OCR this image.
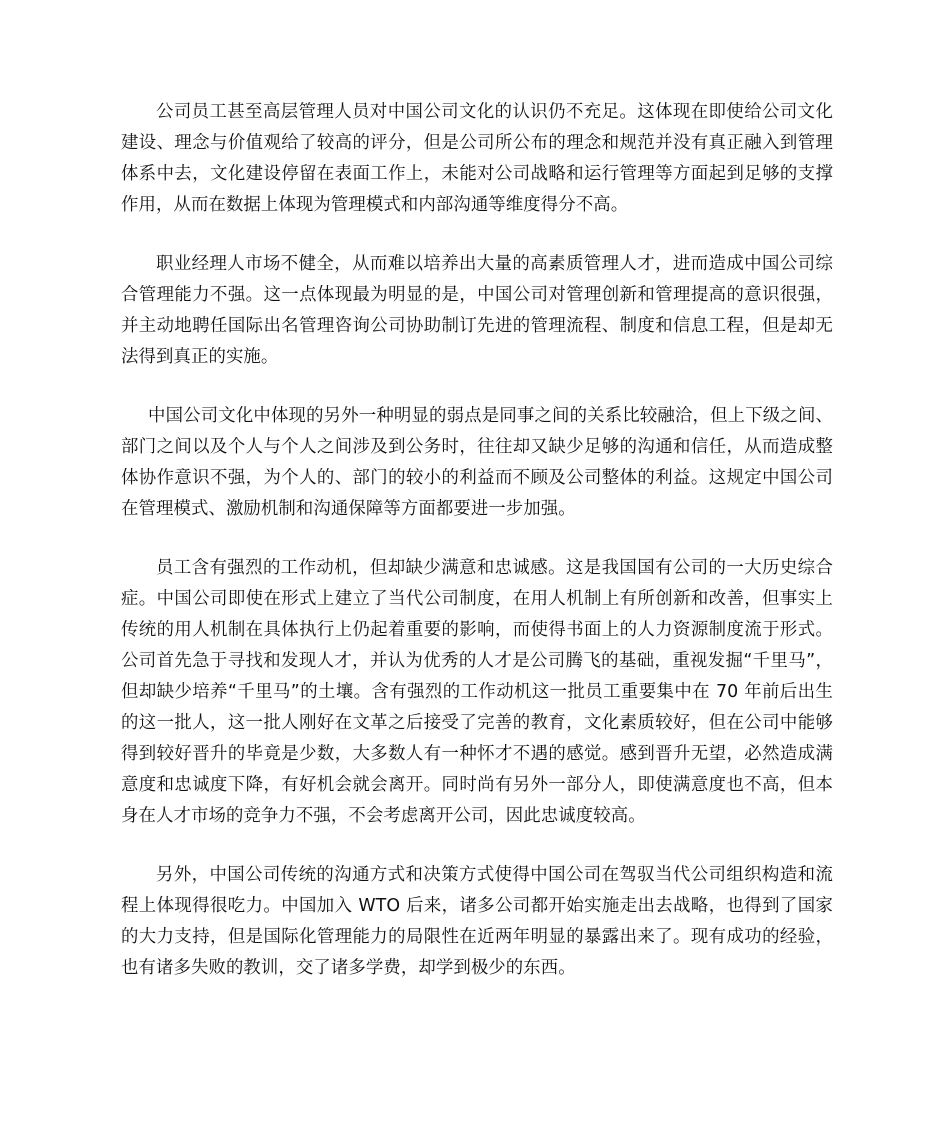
公司员工甚至高层管理人员对中国公司文化的认识仍不充足。这体现在即使给公司文化建设、理念与价值观给了较高的评分，但是公司所公布的理念和规范并没有真正融入到管理体系中去，文化建设停留在表面工作上，未能对公司战略和运行管理等方面起到足够的支撑作用，从而在数据上体现为管理模式和内部沟通等维度得分不高。

职业经理人市场不健全，从而难以培养出大量的高素质管理人才，进而造成中国公司综合管理能力不强。这一点体现最为明显的是，中国公司对管理创新和管理提高的意识很强，并主动地聘任国际出名管理咨询公司协助制订先进的管理流程、制度和信息工程，但是却无法得到真正的实施。

中国公司文化中体现的另外一种明显的弱点是同事之间的关系比较融洽，但上下级之间、部门之间以及个人与个人之间涉及到公务时，往往却又缺少足够的沟通和信任，从而造成整体协作意识不强，为个人的、部门的较小的利益而不顾及公司整体的利益。这规定中国公司在管理模式、激励机制和沟通保障等方面都要进一步加强。

员工含有强烈的工作动机，但却缺少满意和忠诚感。这是我国国有公司的一大历史综合症。中国公司即使在形式上建立了当代公司制度，在用人机制上有所创新和改善，但事实上传统的用人机制在具体执行上仍起着重要的影响，而使得书面上的人力资源制度流于形式。公司首先急于寻找和发现人才，并认为优秀的人才是公司腾飞的基础，重视发掘“千里马”，但却缺少培养“千里马”的土壤。含有强烈的工作动机这一批员工重要集中在 70 年前后出生的这一批人，这一批人刚好在文革之后接受了完善的教育，文化素质较好，但在公司中能够得到较好晋升的毕竟是少数，大多数人有一种怀才不遇的感觉。感到晋升无望，必然造成满意度和忠诚度下降，有好机会就会离开。同时尚有另外一部分人，即使满意度也不高，但本身在人才市场的竞争力不强，不会考虑离开公司，因此忠诚度较高。

另外，中国公司传统的沟通方式和决策方式使得中国公司在驾驭当代公司组织构造和流程上体现得很吃力。中国加入 WTO 后来，诸多公司都开始实施走出去战略，也得到了国家的大力支持，但是国际化管理能力的局限性在近两年明显的暴露出来了。现有成功的经验，也有诸多失败的教训，交了诸多学费，却学到极少的东西。
